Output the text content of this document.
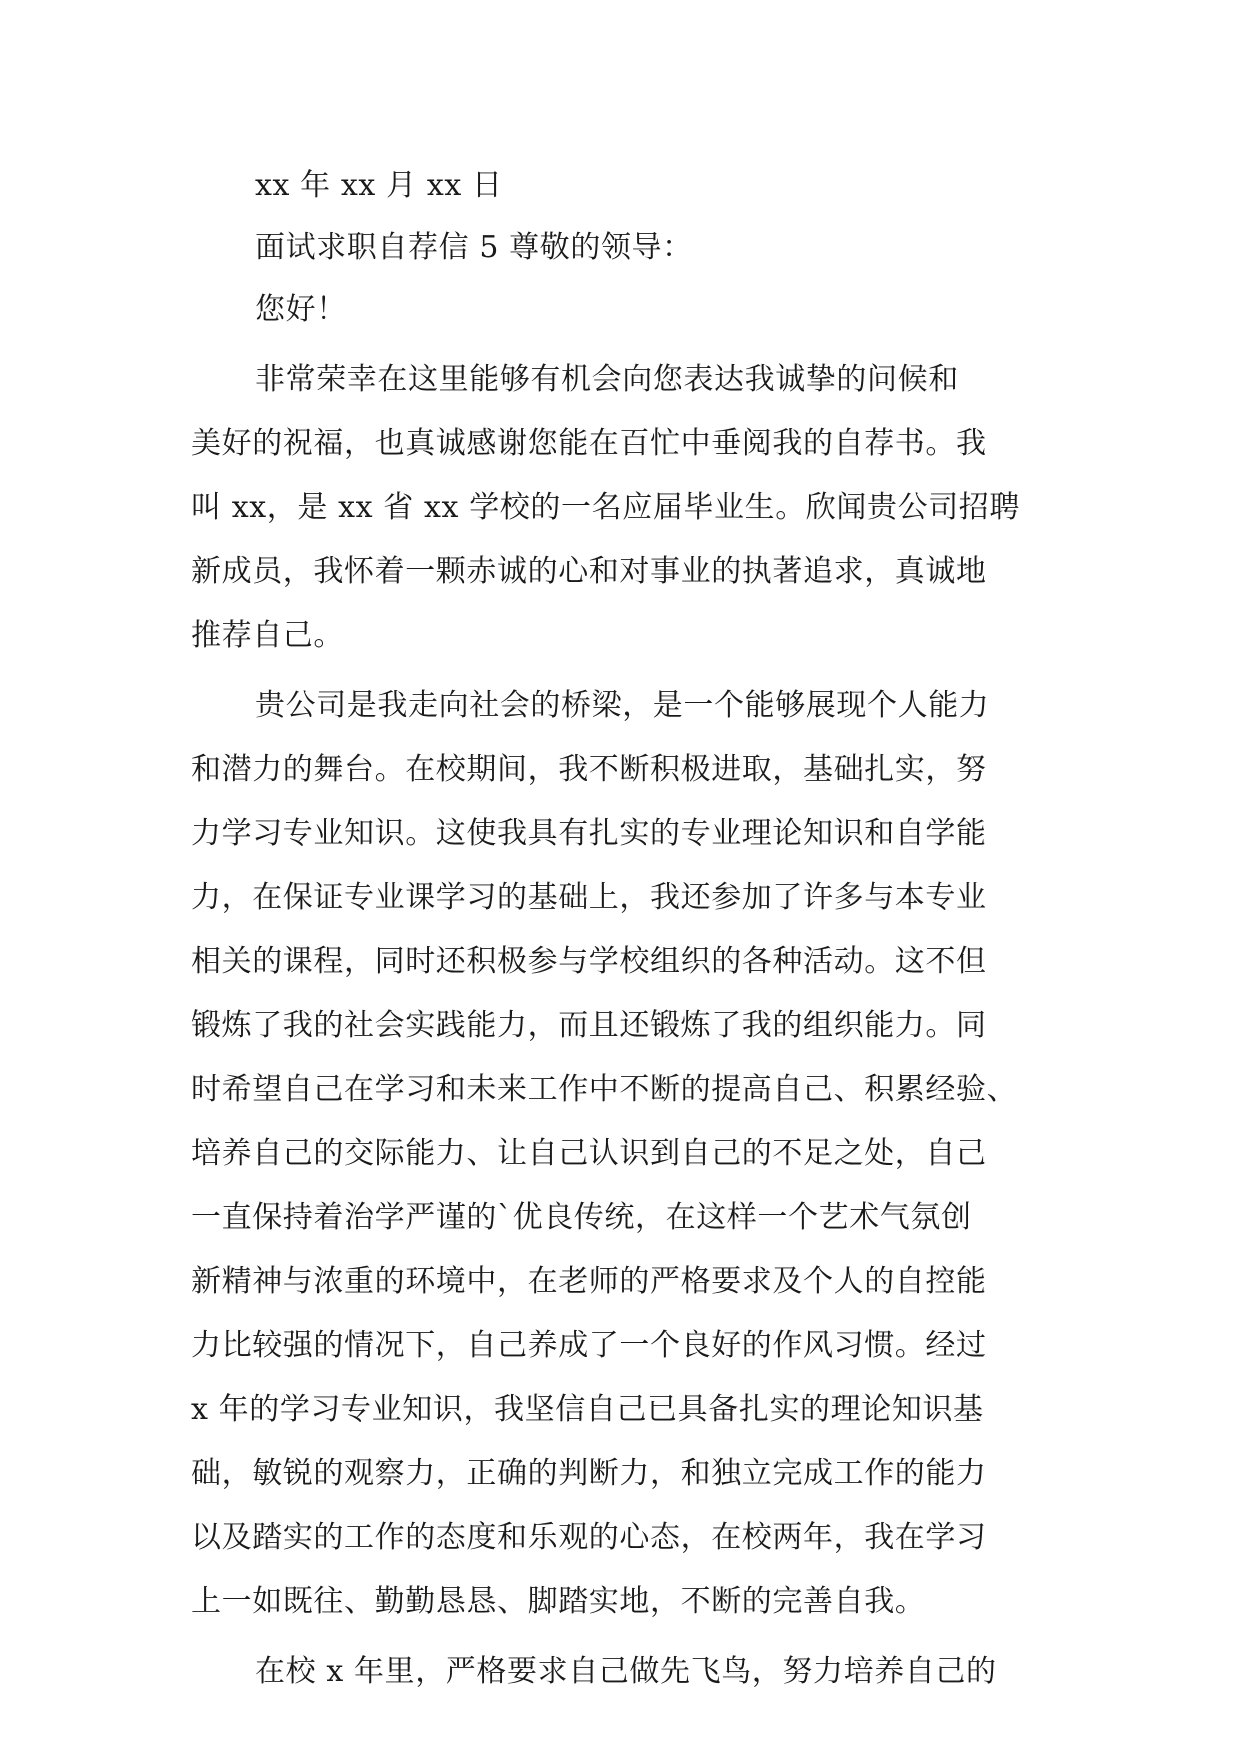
xx 年 xx 月 xx 日

面试求职自荐信 5 尊敬的领导：

您好！

非常荣幸在这里能够有机会向您表达我诚挚的问候和

美好的祝福，也真诚感谢您能在百忙中垂阅我的自荐书。我

叫 xx，是 xx 省 xx 学校的一名应届毕业生。欣闻贵公司招聘

新成员，我怀着一颗赤诚的心和对事业的执著追求，真诚地

推荐自己。

贵公司是我走向社会的桥梁，是一个能够展现个人能力

和潜力的舞台。在校期间，我不断积极进取，基础扎实，努

力学习专业知识。这使我具有扎实的专业理论知识和自学能

力，在保证专业课学习的基础上，我还参加了许多与本专业

相关的课程，同时还积极参与学校组织的各种活动。这不但

锻炼了我的社会实践能力，而且还锻炼了我的组织能力。同

时希望自己在学习和未来工作中不断的提高自己、积累经验、

培养自己的交际能力、让自己认识到自己的不足之处，自己

一直保持着治学严谨的`优良传统，在这样一个艺术气氛创

新精神与浓重的环境中，在老师的严格要求及个人的自控能

力比较强的情况下，自己养成了一个良好的作风习惯。经过

x 年的学习专业知识，我坚信自己已具备扎实的理论知识基

础，敏锐的观察力，正确的判断力，和独立完成工作的能力

以及踏实的工作的态度和乐观的心态，在校两年，我在学习

上一如既往、勤勤恳恳、脚踏实地，不断的完善自我。

在校 x 年里，严格要求自己做先飞鸟，努力培养自己的
